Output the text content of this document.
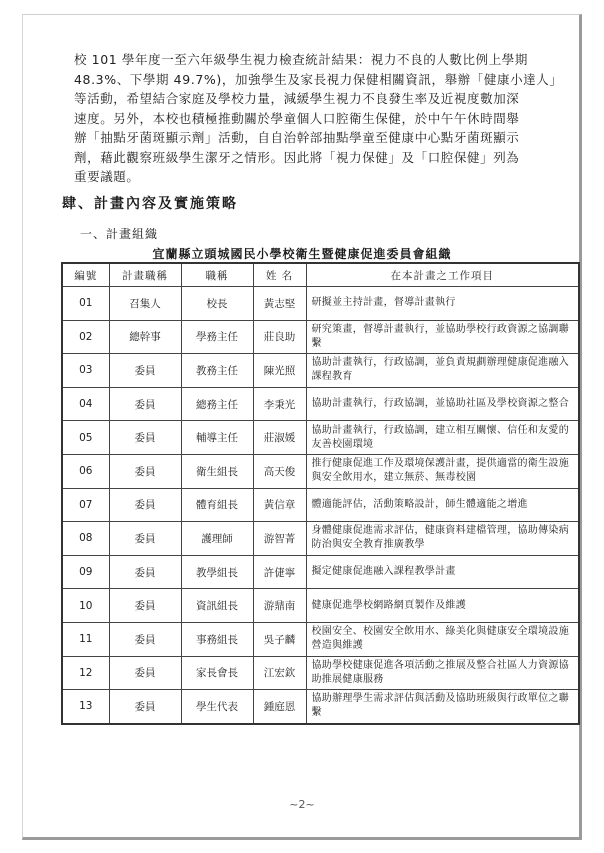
校 101 學年度一至六年級學生視力檢查統計結果：視力不良的人數比例上學期
48.3%、下學期 49.7%)，加強學生及家長視力保健相關資訊，舉辦「健康小達人」
等活動，希望結合家庭及學校力量，減緩學生視力不良發生率及近視度數加深
速度。另外，本校也積極推動關於學童個人口腔衛生保健，於中午午休時間舉
辦「抽點牙菌斑顯示劑」活動，自自治幹部抽點學童至健康中心點牙菌斑顯示
劑，藉此觀察班級學生潔牙之情形。因此將「視力保健」及「口腔保健」列為
重要議題。
肆、計畫內容及實施策略
一、計畫組織
宜蘭縣立頭城國民小學校衛生暨健康促進委員會組織
編號	計畫職稱	職稱	姓 名	在本計畫之工作項目
01	召集人	校長	黃志堅	研擬並主持計畫，督導計畫執行
02	總幹事	學務主任	莊良助	研究策畫，督導計畫執行，並協助學校行政資源之協調聯繫
03	委員	教務主任	陳光照	協助計畫執行，行政協調，並負責規劃辦理健康促進融入課程教育
04	委員	總務主任	李秉光	協助計畫執行，行政協調，並協助社區及學校資源之整合
05	委員	輔導主任	莊淑媛	協助計畫執行，行政協調，建立相互關懷、信任和友愛的友善校園環境
06	委員	衛生組長	高天俊	推行健康促進工作及環境保護計畫，提供適當的衛生設施與安全飲用水，建立無菸、無毒校園
07	委員	體育組長	黃信章	體適能評估，活動策略設計，師生體適能之增進
08	委員	護理師	游智菁	身體健康促進需求評估，健康資料建檔管理，協助傳染病防治與安全教育推廣教學
09	委員	教學組長	許倢寧	擬定健康促進融入課程教學計畫
10	委員	資訊組長	游鼎南	健康促進學校網路網頁製作及維護
11	委員	事務組長	吳子麟	校園安全、校園安全飲用水、綠美化與健康安全環境設施營造與維護
12	委員	家長會長	江宏欽	協助學校健康促進各項活動之推展及整合社區人力資源協助推展健康服務
13	委員	學生代表	鍾庭恩	協助辦理學生需求評估與活動及協助班級與行政單位之聯繫
~2~
